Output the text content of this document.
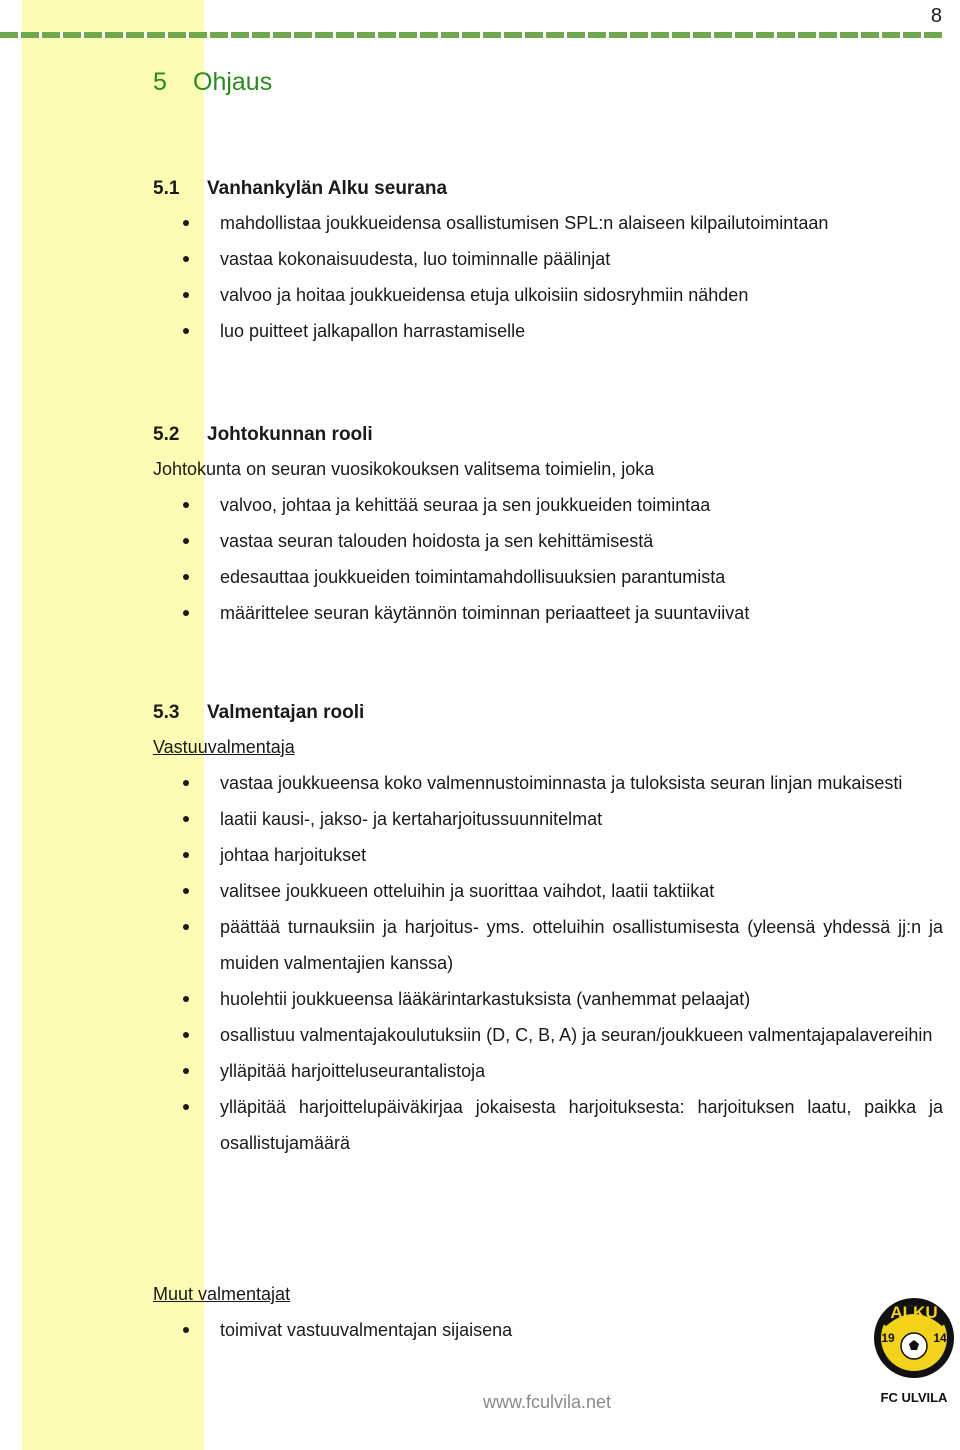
8
5 Ohjaus
5.1 Vanhankylän Alku seurana
mahdollistaa joukkueidensa osallistumisen SPL:n alaiseen kilpailutoimintaan
vastaa kokonaisuudesta, luo toiminnalle päälinjat
valvoo ja hoitaa joukkueidensa etuja ulkoisiin sidosryhmiin nähden
luo puitteet jalkapallon harrastamiselle
5.2 Johtokunnan rooli

Johtokunta on seuran vuosikokouksen valitsema toimielin, joka

valvoo, johtaa ja kehittää seuraa ja sen joukkueiden toimintaa
vastaa seuran talouden hoidosta ja sen kehittämisestä
edesauttaa joukkueiden toimintamahdollisuuksien parantumista
määrittelee seuran käytännön toiminnan periaatteet ja suuntaviivat
5.3 Valmentajan rooli

Vastuuvalmentaja

vastaa joukkueensa koko valmennustoiminnasta ja tuloksista seuran linjan mukaisesti
laatii kausi-, jakso- ja kertaharjoitussuunnitelmat
johtaa harjoitukset
valitsee joukkueen otteluihin ja suorittaa vaihdot, laatii taktiikat
päättää turnauksiin ja harjoitus- yms. otteluihin osallistumisesta (yleensä yhdessä jj:n ja muiden valmentajien kanssa)
huolehtii joukkueensa lääkärintarkastuksista (vanhemmat pelaajat)
osallistuu valmentajakoulutuksiin (D, C, B, A) ja seuran/joukkueen valmentajapalavereihin
ylläpitää harjoitteluseurantalistoja
ylläpitää harjoittelupäiväkirjaa jokaisesta harjoituksesta: harjoituksen laatu, paikka ja osallistujamäärä

Muut valmentajat

toimivat vastuuvalmentajan sijaisena
www.fculvila.net
ALKU
19	14
FC ULVILA
